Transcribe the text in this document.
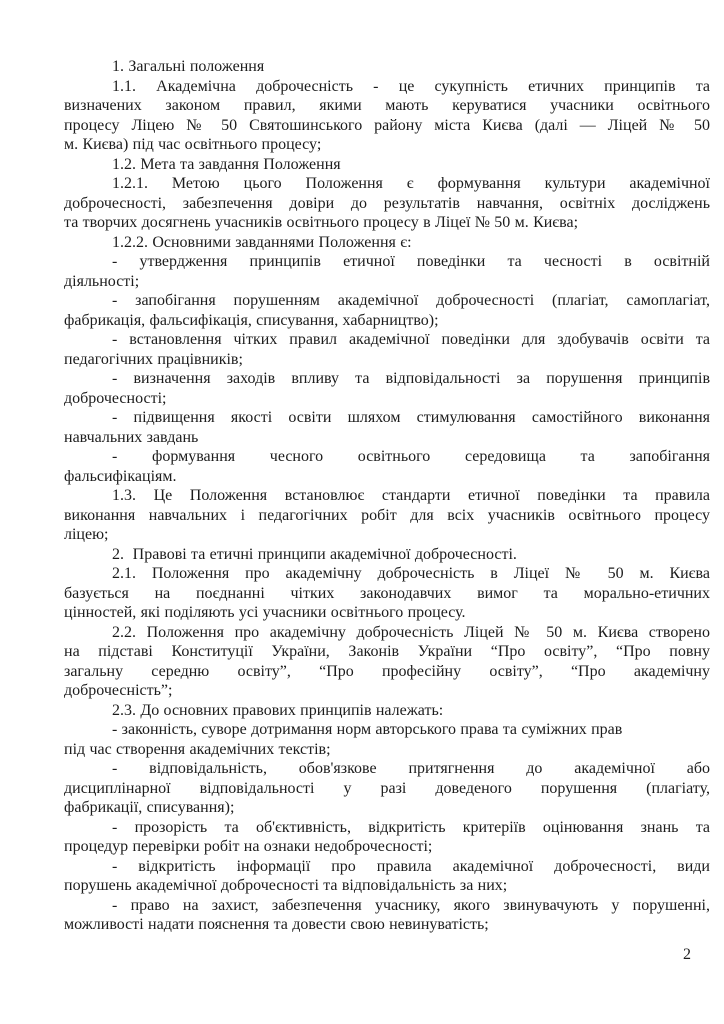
1. Загальні положення
1.1. Академічна доброчесність - це сукупність етичних принципів та
визначених законом правил, якими мають керуватися учасники освітнього
процесу Ліцею № 50 Святошинського району міста Києва (далі — Ліцей № 50
м. Києва) під час освітнього процесу;
1.2. Мета та завдання Положення
1.2.1. Метою цього Положення є формування культури академічної
доброчесності, забезпечення довіри до результатів навчання, освітніх досліджень
та творчих досягнень учасників освітнього процесу в Ліцеї № 50 м. Києва;
1.2.2. Основними завданнями Положення є:
- утвердження принципів етичної поведінки та чесності в освітній
діяльності;
- запобігання порушенням академічної доброчесності (плагіат, самоплагіат,
фабрикація, фальсифікація, списування, хабарництво);
- встановлення чітких правил академічної поведінки для здобувачів освіти та
педагогічних працівників;
- визначення заходів впливу та відповідальності за порушення принципів
доброчесності;
- підвищення якості освіти шляхом стимулювання самостійного виконання
навчальних завдань
- формування чесного освітнього середовища та запобігання
фальсифікаціям.
1.3. Це Положення встановлює стандарти етичної поведінки та правила
виконання навчальних і педагогічних робіт для всіх учасників освітнього процесу
ліцею;
2.  Правові та етичні принципи академічної доброчесності.
2.1. Положення про академічну доброчесність в Ліцеї № 50 м. Києва
базується на поєднанні чітких законодавчих вимог та морально-етичних
цінностей, які поділяють усі учасники освітнього процесу.
2.2. Положення про академічну доброчесність Ліцей № 50 м. Києва створено
на підставі Конституції України, Законів України “Про освіту”, “Про повну
загальну середню освіту”, “Про професійну освіту”, “Про академічну
доброчесність”;
2.3. До основних правових принципів належать:
- законність, суворе дотримання норм авторського права та суміжних прав
під час створення академічних текстів;
- відповідальність, обов'язкове притягнення до академічної або
дисциплінарної відповідальності у разі доведеного порушення (плагіату,
фабрикації, списування);
- прозорість та об'єктивність, відкритість критеріїв оцінювання знань та
процедур перевірки робіт на ознаки недоброчесності;
- відкритість інформації про правила академічної доброчесності, види
порушень академічної доброчесності та відповідальність за них;
- право на захист, забезпечення учаснику, якого звинувачують у порушенні,
можливості надати пояснення та довести свою невинуватість;
2
